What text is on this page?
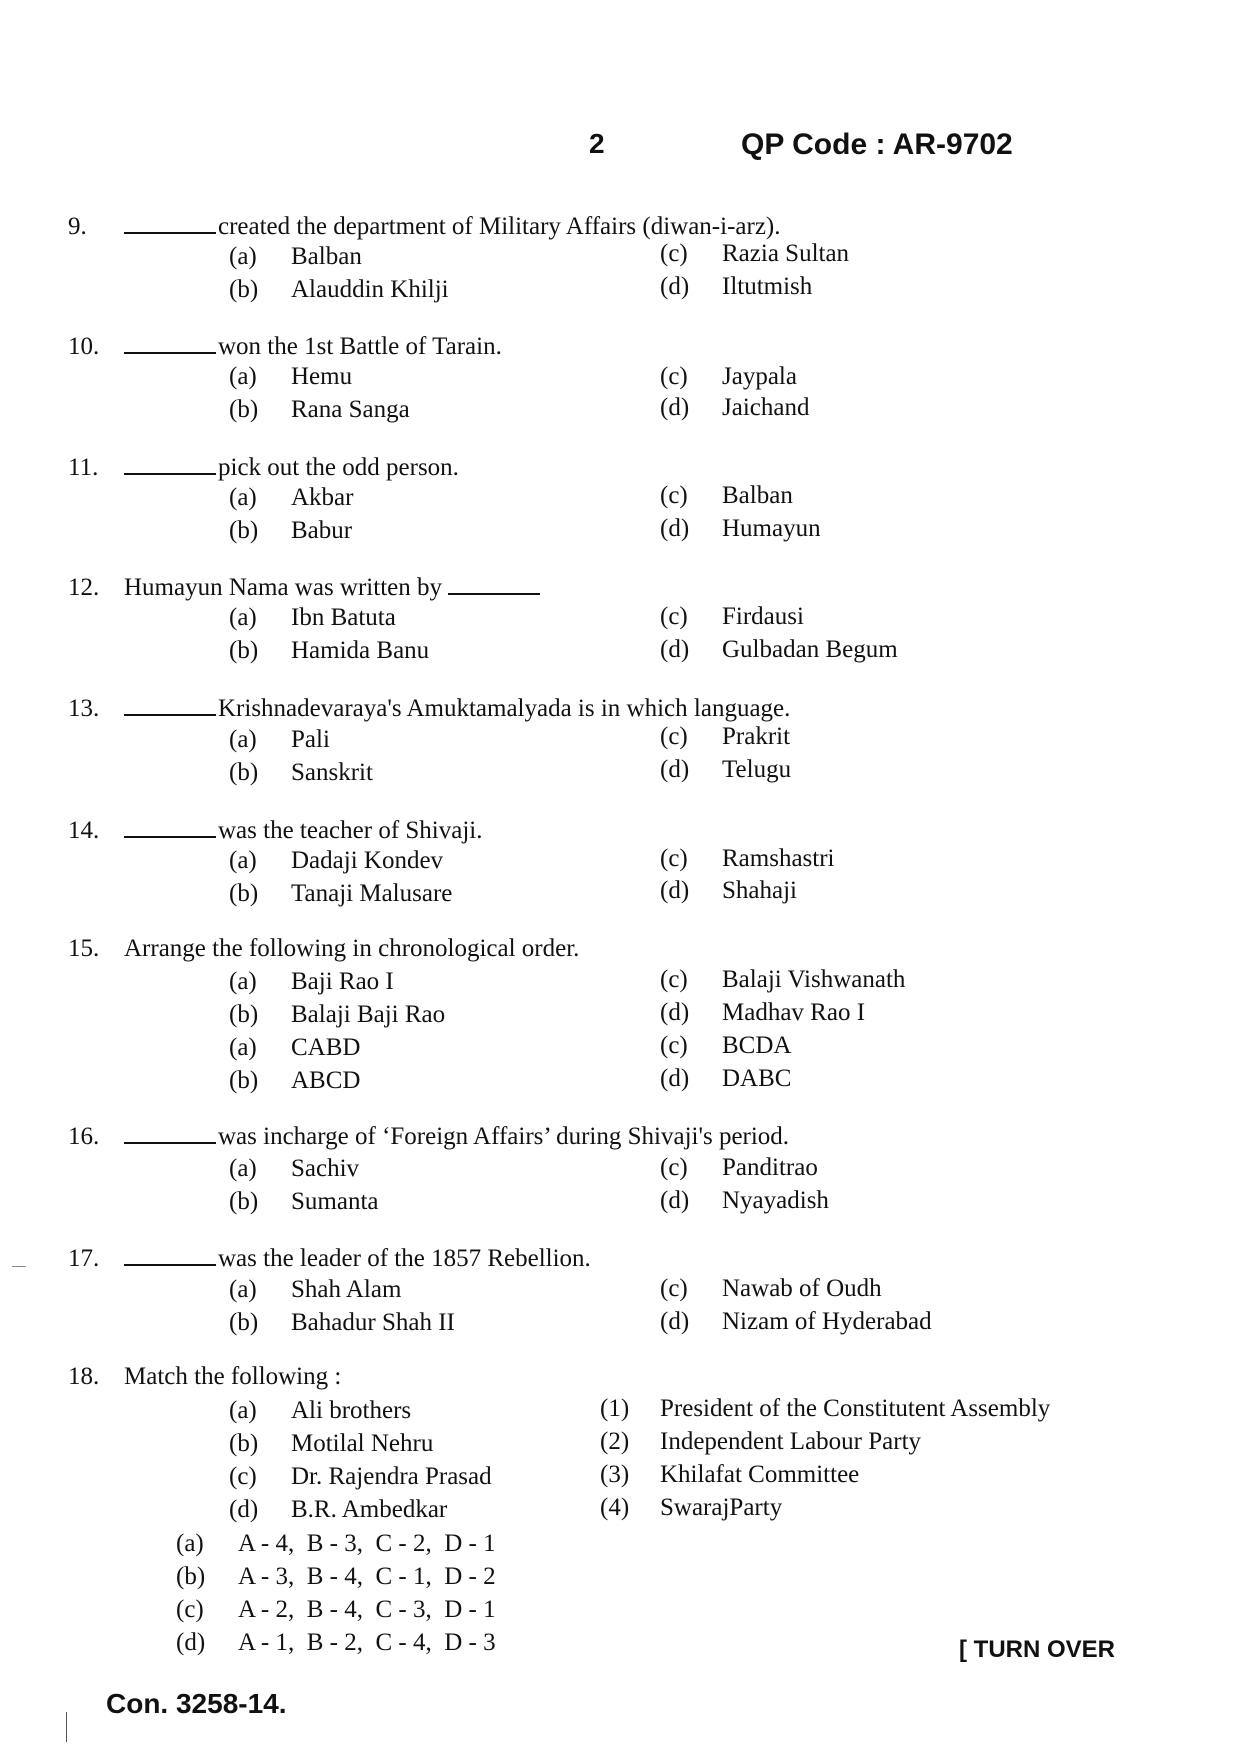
2	QP Code : AR-9702
9.	created the department of Military Affairs (diwan-i-arz).
(a) Balban	(c) Razia Sultan
(b) Alauddin Khilji	(d) Iltutmish
10.	won the 1st Battle of Tarain.
(a) Hemu	(c) Jaypala
(b) Rana Sanga	(d) Jaichand
11.	pick out the odd person.
(a) Akbar	(c) Balban
(b) Babur	(d) Humayun
12. Humayun Nama was written by
(a) Ibn Batuta	(c) Firdausi
(b) Hamida Banu	(d) Gulbadan Begum
13.	Krishnadevaraya's Amuktamalyada is in which language.
(a) Pali	(c) Prakrit
(b) Sanskrit	(d) Telugu
14.	was the teacher of Shivaji.
(a) Dadaji Kondev	(c) Ramshastri
(b) Tanaji Malusare	(d) Shahaji
15. Arrange the following in chronological order.
(a) Baji Rao I	(c) Balaji Vishwanath
(b) Balaji Baji Rao	(d) Madhav Rao I
(a) CABD	(c) BCDA
(b) ABCD	(d) DABC
16.	was incharge of ‘Foreign Affairs’ during Shivaji's period.
(a) Sachiv	(c) Panditrao
(b) Sumanta	(d) Nyayadish
17.	was the leader of the 1857 Rebellion.
(a) Shah Alam	(c) Nawab of Oudh
(b) Bahadur Shah II	(d) Nizam of Hyderabad
18. Match the following :
(a) Ali brothers	(1) President of the Constitutent Assembly
(b) Motilal Nehru	(2) Independent Labour Party
(c) Dr. Rajendra Prasad	(3) Khilafat Committee
(d) B.R. Ambedkar	(4) SwarajParty
(a) A - 4,  B - 3,  C - 2,  D - 1
(b) A - 3,  B - 4,  C - 1,  D - 2
(c) A - 2,  B - 4,  C - 3,  D - 1
(d) A - 1,  B - 2,  C - 4,  D - 3	[ TURN OVER
Con. 3258-14.
